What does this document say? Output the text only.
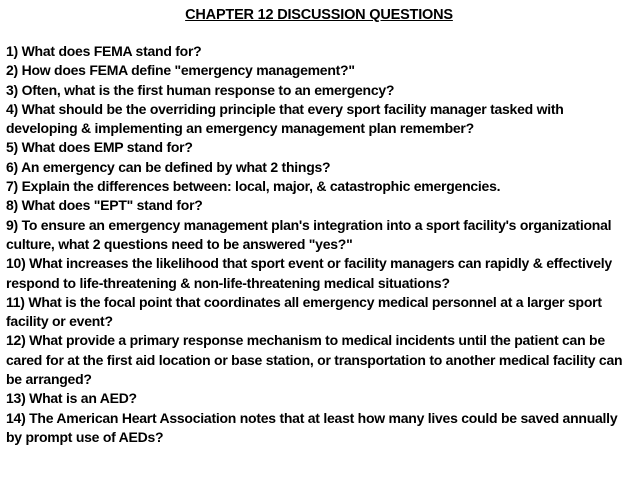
CHAPTER 12 DISCUSSION QUESTIONS
1) What does FEMA stand for?
2) How does FEMA define "emergency management?"
3) Often, what is the first human response to an emergency?
4) What should be the overriding principle that every sport facility manager tasked with developing & implementing an emergency management plan remember?
5) What does EMP stand for?
6) An emergency can be defined by what 2 things?
7) Explain the differences between: local, major, & catastrophic emergencies.
8) What does "EPT" stand for?
9) To ensure an emergency management plan's integration into a sport facility's organizational culture, what 2 questions need to be answered "yes?"
10) What increases the likelihood that sport event or facility managers can rapidly & effectively respond to life-threatening & non-life-threatening medical situations?
11) What is the focal point that coordinates all emergency medical personnel at a larger sport facility or event?
12) What provide a primary response mechanism to medical incidents until the patient can be cared for at the first aid location or base station, or transportation to another medical facility can be arranged?
13) What is an AED?
14) The American Heart Association notes that at least how many lives could be saved annually by prompt use of AEDs?
